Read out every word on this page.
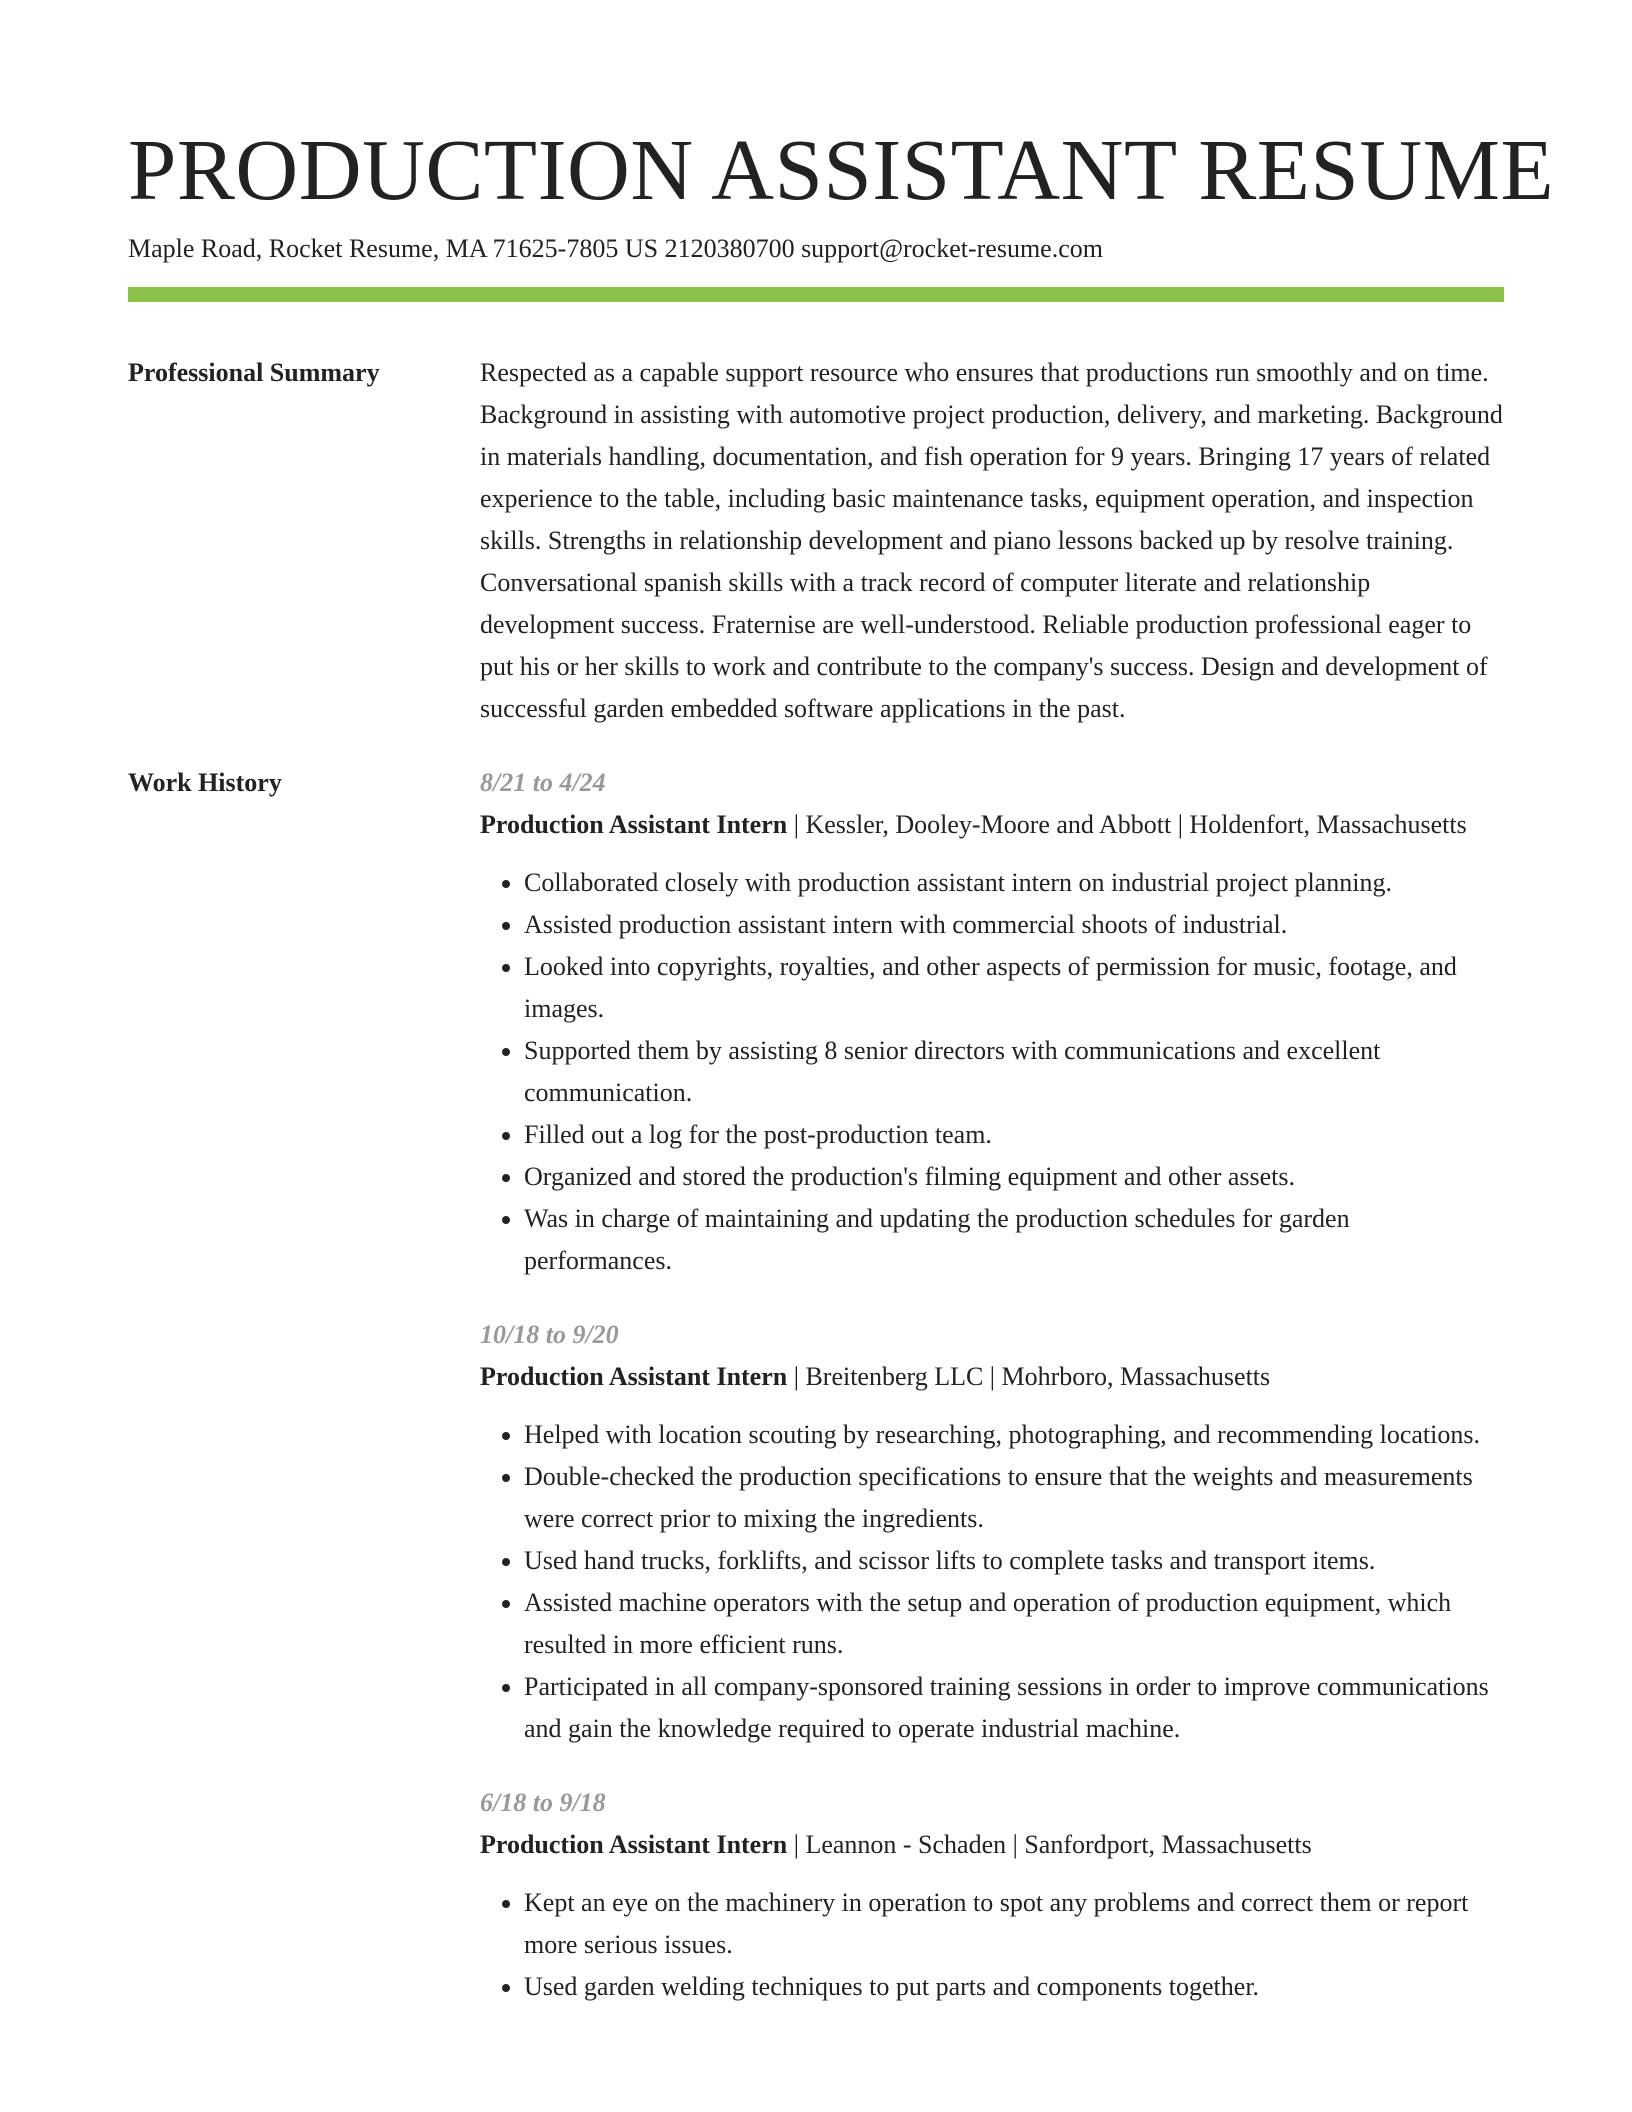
PRODUCTION ASSISTANT RESUME
Maple Road, Rocket Resume, MA 71625-7805 US 2120380700 support@rocket-resume.com
Professional Summary	Respected as a capable support resource who ensures that productions run smoothly and on time. Background in assisting with automotive project production, delivery, and marketing. Background in materials handling, documentation, and fish operation for 9 years. Bringing 17 years of related experience to the table, including basic maintenance tasks, equipment operation, and inspection skills. Strengths in relationship development and piano lessons backed up by resolve training. Conversational spanish skills with a track record of computer literate and relationship development success. Fraternise are well-understood. Reliable production professional eager to put his or her skills to work and contribute to the company's success. Design and development of successful garden embedded software applications in the past.
Work History	8/21 to 4/24
Production Assistant Intern | Kessler, Dooley-Moore and Abbott | Holdenfort, Massachusetts
• Collaborated closely with production assistant intern on industrial project planning.
• Assisted production assistant intern with commercial shoots of industrial.
• Looked into copyrights, royalties, and other aspects of permission for music, footage, and images.
• Supported them by assisting 8 senior directors with communications and excellent communication.
• Filled out a log for the post-production team.
• Organized and stored the production's filming equipment and other assets.
• Was in charge of maintaining and updating the production schedules for garden performances.
10/18 to 9/20
Production Assistant Intern | Breitenberg LLC | Mohrboro, Massachusetts
• Helped with location scouting by researching, photographing, and recommending locations.
• Double-checked the production specifications to ensure that the weights and measurements were correct prior to mixing the ingredients.
• Used hand trucks, forklifts, and scissor lifts to complete tasks and transport items.
• Assisted machine operators with the setup and operation of production equipment, which resulted in more efficient runs.
• Participated in all company-sponsored training sessions in order to improve communications and gain the knowledge required to operate industrial machine.
6/18 to 9/18
Production Assistant Intern | Leannon - Schaden | Sanfordport, Massachusetts
• Kept an eye on the machinery in operation to spot any problems and correct them or report more serious issues.
• Used garden welding techniques to put parts and components together.
